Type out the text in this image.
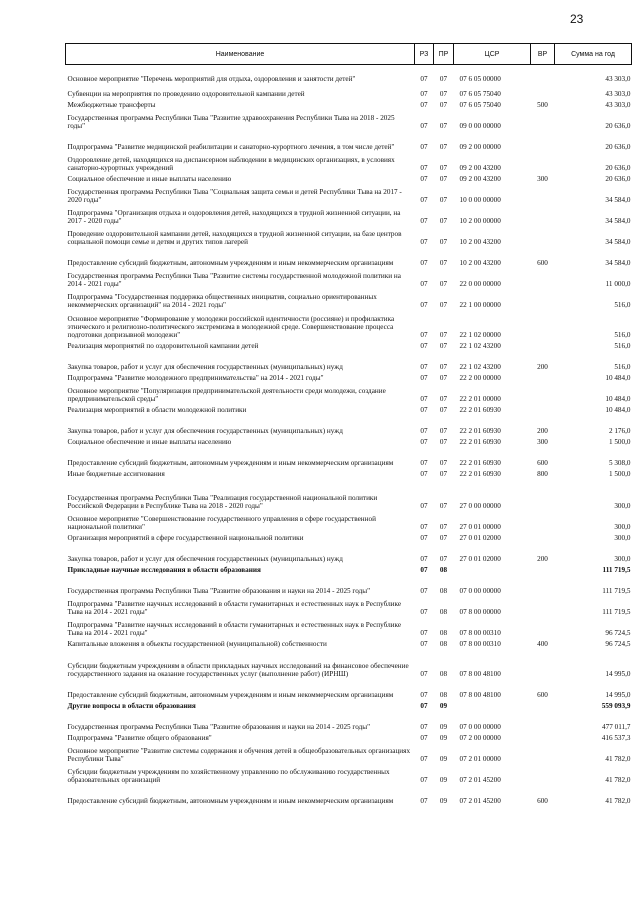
23
Наименование	РЗ	ПР	ЦСР	ВР	Сумма на год
Основное мероприятие "Перечень мероприятий для отдыха, оздоровления и занятости детей"	07	07	07 6 05 00000		43 303,0
Субвенции на мероприятия по проведению оздоровительной кампании детей	07	07	07 6 05 75040		43 303,0
Межбюджетные трансферты	07	07	07 6 05 75040	500	43 303,0
Государственная программа Республики Тыва "Развитие здравоохранения Республики Тыва на 2018 - 2025 годы"	07	07	09 0 00 00000		20 636,0
Подпрограмма "Развитие медицинской реабилитации и санаторно-курортного лечения, в том числе детей"	07	07	09 2 00 00000		20 636,0
Оздоровление детей, находящихся на диспансерном наблюдении в медицинских организациях, в условиях санаторно-курортных учреждений	07	07	09 2 00 43200		20 636,0
Социальное обеспечение и иные выплаты населению	07	07	09 2 00 43200	300	20 636,0
Государственная программа Республики Тыва "Социальная защита семьи и детей Республики Тыва на 2017 - 2020 годы"	07	07	10 0 00 00000		34 584,0
Подпрограмма "Организация отдыха и оздоровления детей, находящихся в трудной жизненной ситуации, на 2017 - 2020 годы"	07	07	10 2 00 00000		34 584,0
Проведение оздоровительной кампании детей, находящихся в трудной жизненной ситуации, на базе центров социальной помощи семье и детям и других типов лагерей	07	07	10 2 00 43200		34 584,0
Предоставление субсидий бюджетным, автономным учреждениям и иным некоммерческим организациям	07	07	10 2 00 43200	600	34 584,0
Государственная программа Республики Тыва "Развитие системы государственной молодежной политики на 2014 - 2021 годы"	07	07	22 0 00 00000		11 000,0
Подпрограмма "Государственная поддержка общественных инициатив, социально ориентированных некоммерческих организаций" на 2014 - 2021 годы"	07	07	22 1 00 00000		516,0
Основное мероприятие "Формирование у молодежи российской идентичности (россияне) и профилактика этнического и религиозно-политического экстремизма в молодежной среде. Совершенствование процесса подготовки допризывной молодежи"	07	07	22 1 02 00000		516,0
Реализация мероприятий по оздоровительной кампании детей	07	07	22 1 02 43200		516,0
Закупка товаров, работ и услуг для обеспечения государственных (муниципальных) нужд	07	07	22 1 02 43200	200	516,0
Подпрограмма "Развитие молодежного предпринимательства" на 2014 - 2021 годы"	07	07	22 2 00 00000		10 484,0
Основное мероприятие "Популяризация предпринимательской деятельности среди молодежи, создание предпринимательской среды"	07	07	22 2 01 00000		10 484,0
Реализация мероприятий в области молодежной политики	07	07	22 2 01 60930		10 484,0
Закупка товаров, работ и услуг для обеспечения государственных (муниципальных) нужд	07	07	22 2 01 60930	200	2 176,0
Социальное обеспечение и иные выплаты населению	07	07	22 2 01 60930	300	1 500,0
Предоставление субсидий бюджетным, автономным учреждениям и иным некоммерческим организациям	07	07	22 2 01 60930	600	5 308,0
Иные бюджетные ассигнования	07	07	22 2 01 60930	800	1 500,0
Государственная программа Республики Тыва "Реализация государственной национальной политики Российской Федерации в Республике Тыва на 2018 - 2020 годы"	07	07	27 0 00 00000		300,0
Основное мероприятие "Совершенствование государственного управления в сфере государственной национальной политики"	07	07	27 0 01 00000		300,0
Организация мероприятий в сфере государственной национальной политики	07	07	27 0 01 02000		300,0
Закупка товаров, работ и услуг для обеспечения государственных (муниципальных) нужд	07	07	27 0 01 02000	200	300,0
Прикладные научные исследования в области образования	07	08			111 719,5
Государственная программа Республики Тыва "Развитие образования и науки на 2014 - 2025 годы"	07	08	07 0 00 00000		111 719,5
Подпрограмма "Развитие научных исследований в области гуманитарных и естественных наук в Республике Тыва на 2014 - 2021 годы"	07	08	07 8 00 00000		111 719,5
Подпрограмма "Развитие научных исследований в области гуманитарных и естественных наук в Республике Тыва на 2014 - 2021 годы"	07	08	07 8 00 00310		96 724,5
Капитальные вложения в объекты государственной (муниципальной) собственности	07	08	07 8 00 00310	400	96 724,5
Субсидии бюджетным учреждениям в области прикладных научных исследований на финансовое обеспечение государственного задания на оказание государственных услуг (выполнение работ) (ИРНШ)	07	08	07 8 00 48100		14 995,0
Предоставление субсидий бюджетным, автономным учреждениям и иным некоммерческим организациям	07	08	07 8 00 48100	600	14 995,0
Другие вопросы в области образования	07	09			559 093,9
Государственная программа Республики Тыва "Развитие образования и науки на 2014 - 2025 годы"	07	09	07 0 00 00000		477 011,7
Подпрограмма "Развитие общего образования"	07	09	07 2 00 00000		416 537,3
Основное мероприятие "Развитие системы содержания и обучения детей в общеобразовательных организациях Республики Тыва"	07	09	07 2 01 00000		41 782,0
Субсидии бюджетным учреждениям по хозяйственному управлению по обслуживанию государственных образовательных организаций	07	09	07 2 01 45200		41 782,0
Предоставление субсидий бюджетным, автономным учреждениям и иным некоммерческим организациям	07	09	07 2 01 45200	600	41 782,0
